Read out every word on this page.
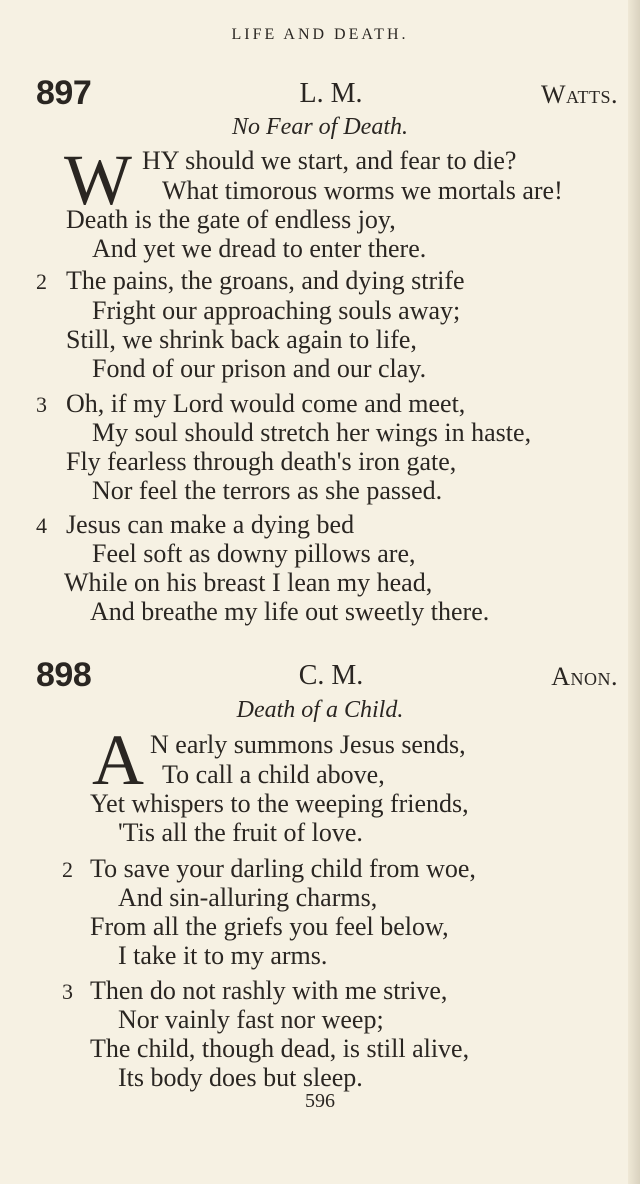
LIFE AND DEATH.
897	L. M.	Watts.
No Fear of Death.
W HY should we start, and fear to die?
What timorous worms we mortals are!
Death is the gate of endless joy,
And yet we dread to enter there.
2 The pains, the groans, and dying strife
Fright our approaching souls away;
Still, we shrink back again to life,
Fond of our prison and our clay.
3 Oh, if my Lord would come and meet,
My soul should stretch her wings in haste,
Fly fearless through death's iron gate,
Nor feel the terrors as she passed.
4 Jesus can make a dying bed
Feel soft as downy pillows are,
While on his breast I lean my head,
And breathe my life out sweetly there.
898	C. M.	Anon.
Death of a Child.
A N early summons Jesus sends,
To call a child above,
Yet whispers to the weeping friends,
'Tis all the fruit of love.
2 To save your darling child from woe,
And sin-alluring charms,
From all the griefs you feel below,
I take it to my arms.
3 Then do not rashly with me strive,
Nor vainly fast nor weep;
The child, though dead, is still alive,
Its body does but sleep.
596
